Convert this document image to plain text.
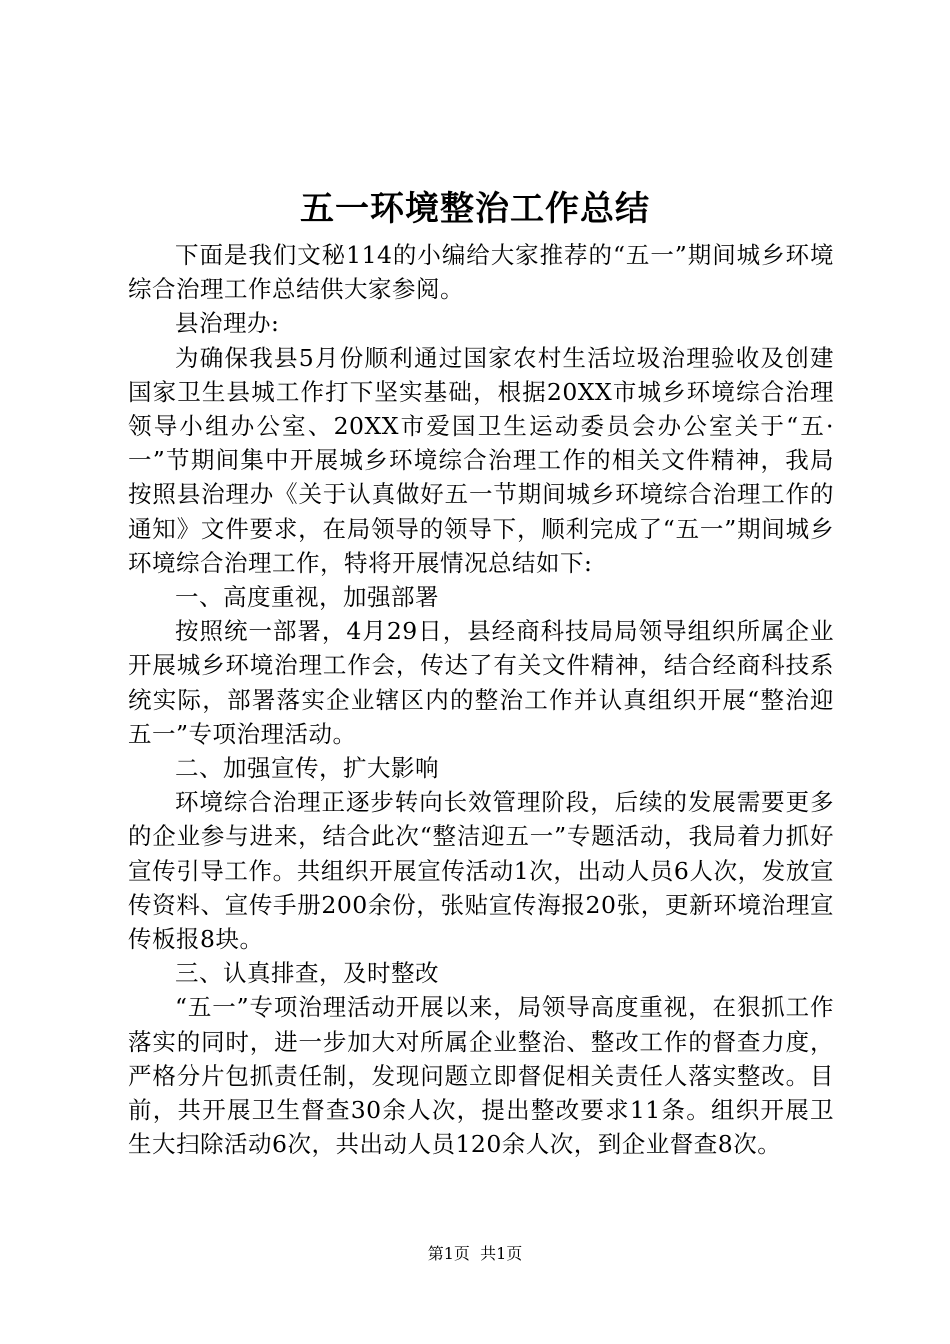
五一环境整治工作总结

下面是我们文秘114的小编给大家推荐的“五一”期间城乡环境综合治理工作总结供大家参阅。

县治理办:

为确保我县5月份顺利通过国家农村生活垃圾治理验收及创建国家卫生县城工作打下坚实基础，根据20XX市城乡环境综合治理领导小组办公室、20XX市爱国卫生运动委员会办公室关于“五·一”节期间集中开展城乡环境综合治理工作的相关文件精神，我局按照县治理办《关于认真做好五一节期间城乡环境综合治理工作的通知》文件要求，在局领导的领导下，顺利完成了“五一”期间城乡环境综合治理工作，特将开展情况总结如下:

一、高度重视，加强部署

按照统一部署，4月29日，县经商科技局局领导组织所属企业开展城乡环境治理工作会，传达了有关文件精神，结合经商科技系统实际，部署落实企业辖区内的整治工作并认真组织开展“整治迎五一”专项治理活动。

二、加强宣传，扩大影响

环境综合治理正逐步转向长效管理阶段，后续的发展需要更多的企业参与进来，结合此次“整洁迎五一”专题活动，我局着力抓好宣传引导工作。共组织开展宣传活动1次，出动人员6人次，发放宣传资料、宣传手册200余份，张贴宣传海报20张，更新环境治理宣传板报8块。

三、认真排查，及时整改

“五一”专项治理活动开展以来，局领导高度重视，在狠抓工作落实的同时，进一步加大对所属企业整治、整改工作的督查力度，严格分片包抓责任制，发现问题立即督促相关责任人落实整改。目前，共开展卫生督查30余人次，提出整改要求11条。组织开展卫生大扫除活动6次，共出动人员120余人次，到企业督查8次。

第1页 共1页
